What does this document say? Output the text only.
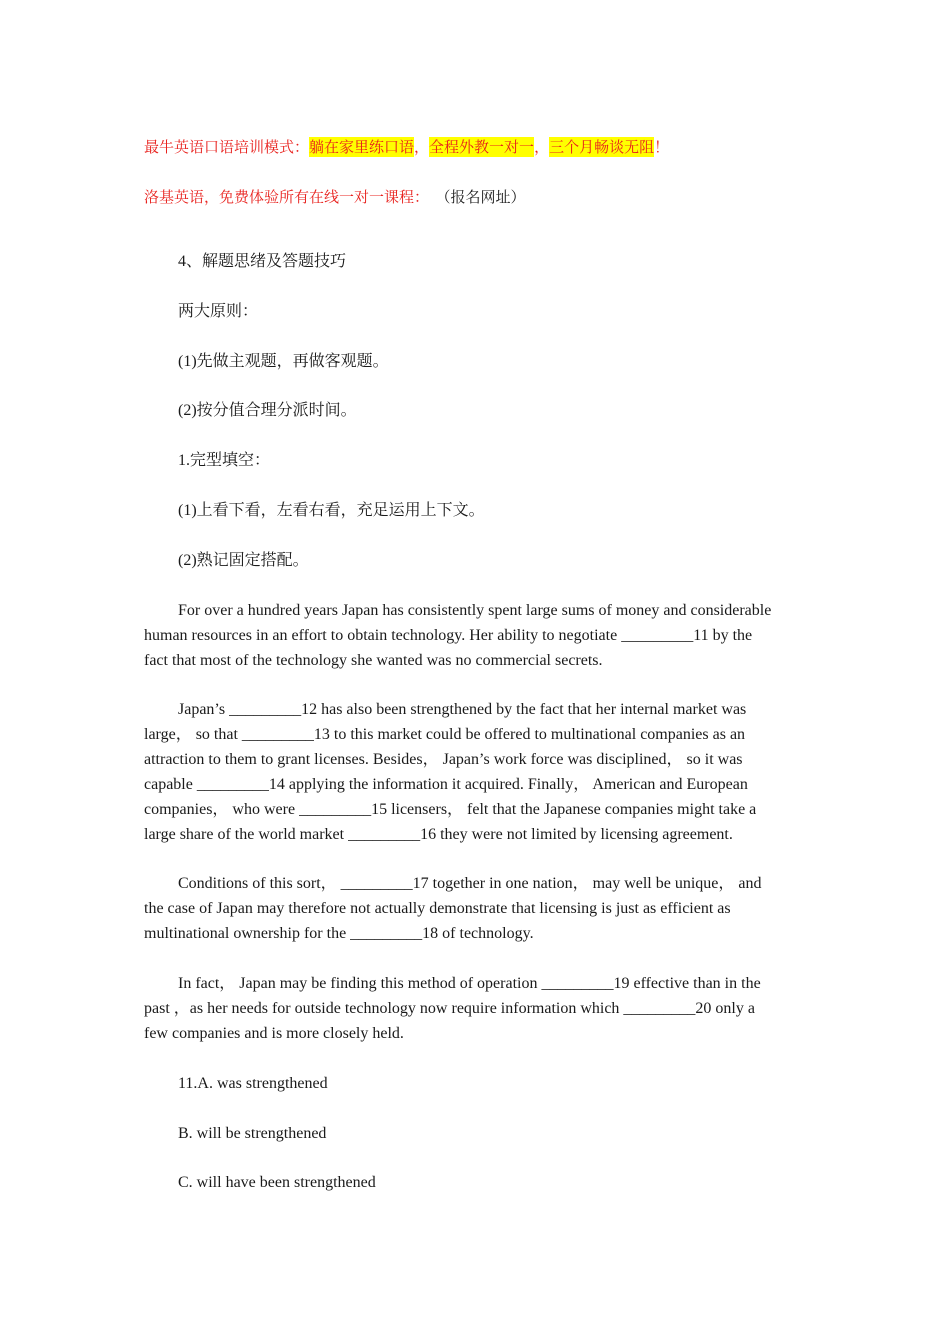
最牛英语口语培训模式：躺在家里练口语，全程外教一对一，三个月畅谈无阻！
洛基英语，免费体验所有在线一对一课程： （报名网址）
4、解题思绪及答题技巧
两大原则：
(1)先做主观题，再做客观题。
(2)按分值合理分派时间。
1.完型填空：
(1)上看下看，左看右看，充足运用上下文。
(2)熟记固定搭配。
For over a hundred years Japan has consistently spent large sums of money and considerable
human resources in an effort to obtain technology. Her ability to negotiate _________11 by the
fact that most of the technology she wanted was no commercial secrets.
Japan’s _________12 has also been strengthened by the fact that her internal market was
large， so that _________13 to this market could be offered to multinational companies as an
attraction to them to grant licenses. Besides， Japan’s work force was disciplined， so it was
capable _________14 applying the information it acquired. Finally， American and European
companies， who were _________15 licensers， felt that the Japanese companies might take a
large share of the world market _________16 they were not limited by licensing agreement.
Conditions of this sort， _________17 together in one nation， may well be unique， and
the case of Japan may therefore not actually demonstrate that licensing is just as efficient as
multinational ownership for the _________18 of technology.
In fact， Japan may be finding this method of operation _________19 effective than in the
past ，as her needs for outside technology now require information which _________20 only a
few companies and is more closely held.
11.A. was strengthened
B. will be strengthened
C. will have been strengthened
